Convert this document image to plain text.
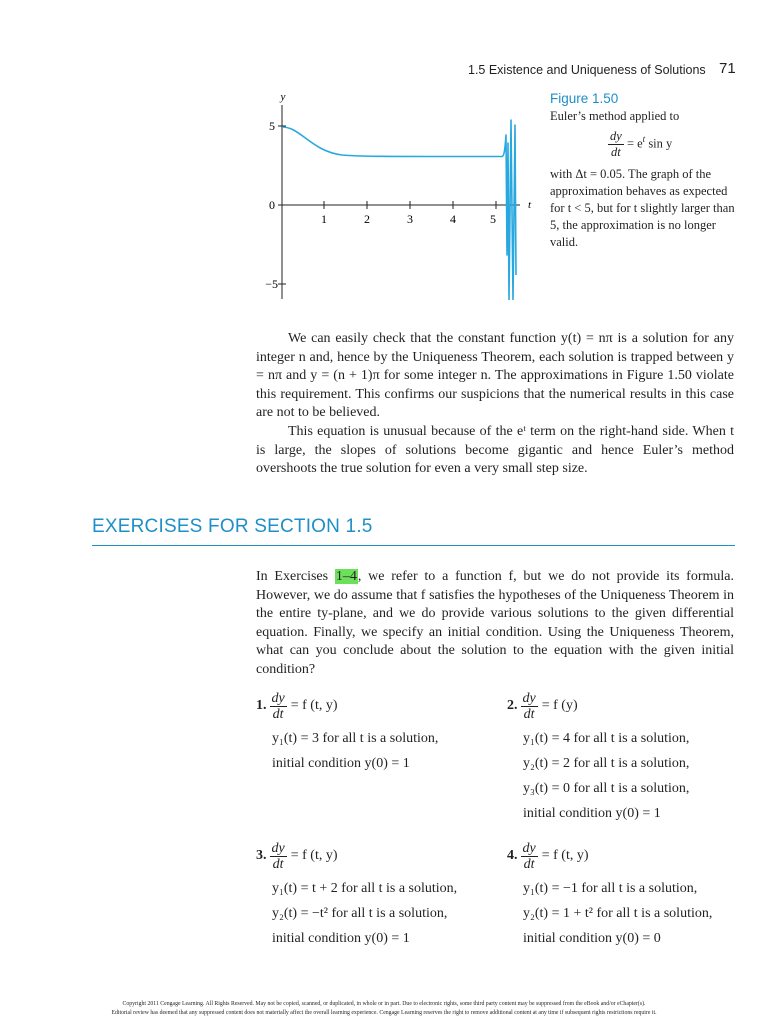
1.5 Existence and Uniqueness of Solutions 71
y
t
5
0
−5
1	2	3	4	5
Figure 1.50
Euler’s method applied to
$\frac{dy}{dt} = e^t$ sin y
with Δt = 0.05. The graph of the approximation behaves as expected for t < 5, but for t slightly larger than 5, the approximation is no longer valid.

We can easily check that the constant function y(t) = nπ is a solution for any integer n and, hence by the Uniqueness Theorem, each solution is trapped between y = nπ and y = (n + 1)π for some integer n. The approximations in Figure 1.50 violate this requirement. This confirms our suspicions that the numerical results in this case are not to be believed.

This equation is unusual because of the eᵗ term on the right-hand side. When t is large, the slopes of solutions become gigantic and hence Euler’s method overshoots the true solution for even a very small step size.

EXERCISES FOR SECTION 1.5

In Exercises 1–4, we refer to a function f, but we do not provide its formula. However, we do assume that f satisfies the hypotheses of the Uniqueness Theorem in the entire ty-plane, and we do provide various solutions to the given differential equation. Finally, we specify an initial condition. Using the Uniqueness Theorem, what can you conclude about the solution to the equation with the given initial condition?

1. $\frac{dy}{dt} = f$ (t, y)
y₁(t) = 3 for all t is a solution,
initial condition y(0) = 1
2. $\frac{dy}{dt} = f$ (y)
y₁(t) = 4 for all t is a solution,
y₂(t) = 2 for all t is a solution,
y₃(t) = 0 for all t is a solution,
initial condition y(0) = 1
3. $\frac{dy}{dt} = f$ (t, y)
y₁(t) = t + 2 for all t is a solution,
y₂(t) = −t² for all t is a solution,
initial condition y(0) = 1
4. $\frac{dy}{dt} = f$ (t, y)
y₁(t) = −1 for all t is a solution,
y₂(t) = 1 + t² for all t is a solution,
initial condition y(0) = 0
Copyright 2011 Cengage Learning. All Rights Reserved. May not be copied, scanned, or duplicated, in whole or in part. Due to electronic rights, some third party content may be suppressed from the eBook and/or eChapter(s).
Editorial review has deemed that any suppressed content does not materially affect the overall learning experience. Cengage Learning reserves the right to remove additional content at any time if subsequent rights restrictions require it.
